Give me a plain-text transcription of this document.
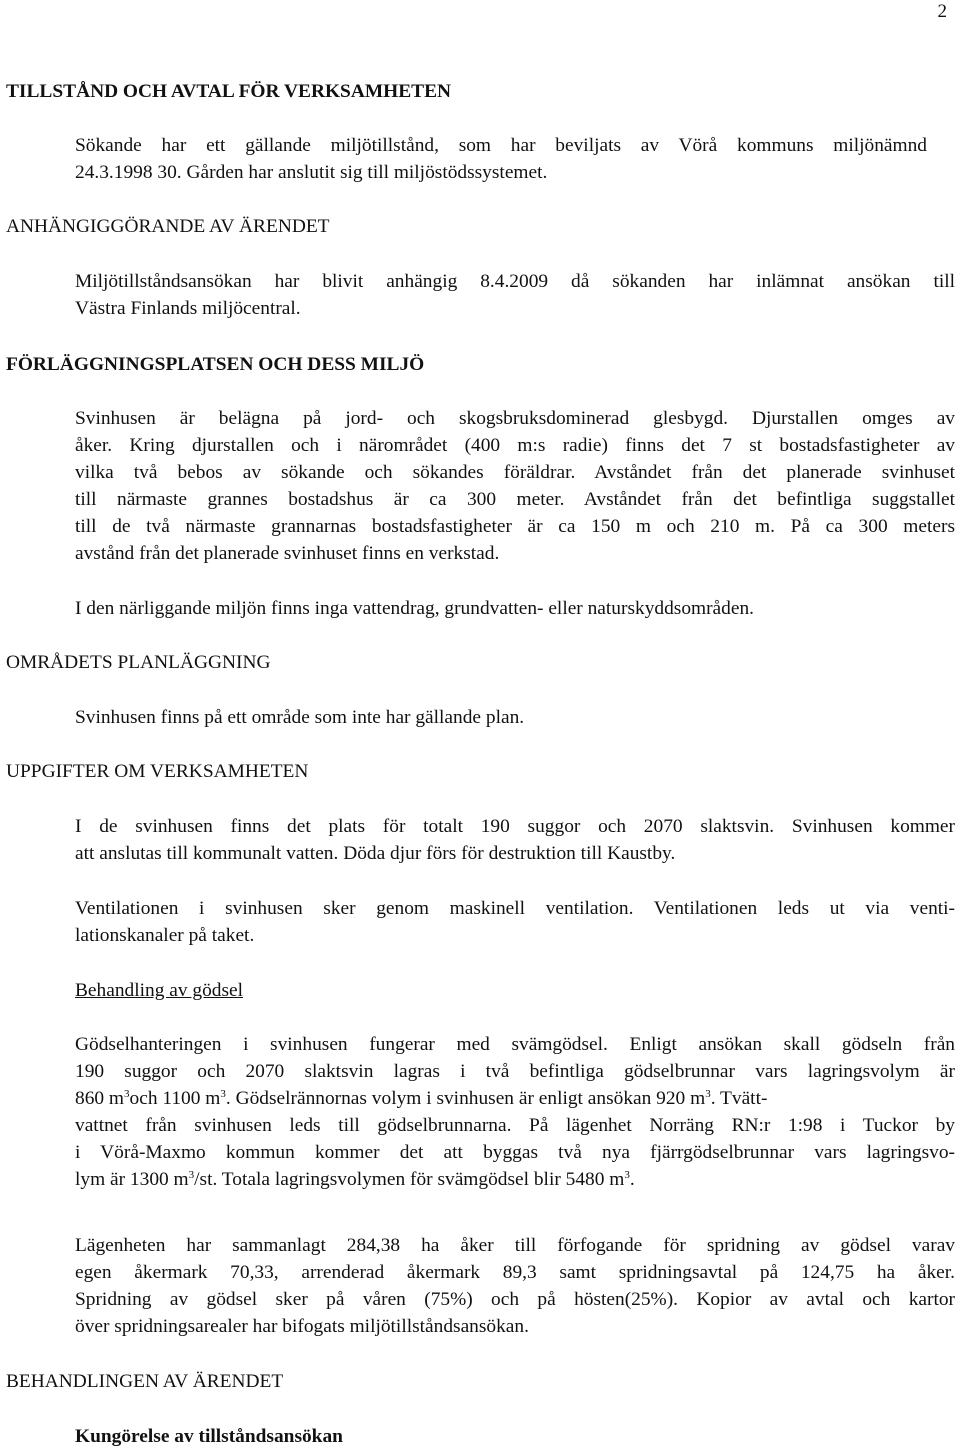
2
TILLSTÅND OCH AVTAL FÖR VERKSAMHETEN
Sökande har ett gällande miljötillstånd, som har beviljats av Vörå kommuns miljönämnd
24.3.1998 30. Gården har anslutit sig till miljöstödssystemet.
ANHÄNGIGGÖRANDE AV ÄRENDET
Miljötillståndsansökan har blivit anhängig 8.4.2009 då sökanden har inlämnat ansökan till
Västra Finlands miljöcentral.
FÖRLÄGGNINGSPLATSEN OCH DESS MILJÖ
Svinhusen är belägna på jord- och skogsbruksdominerad glesbygd. Djurstallen omges av
åker. Kring djurstallen och i närområdet (400 m:s radie) finns det 7 st bostadsfastigheter av
vilka två bebos av sökande och sökandes föräldrar. Avståndet från det planerade svinhuset
till närmaste grannes bostadshus är ca 300 meter. Avståndet från det befintliga suggstallet
till de två närmaste grannarnas bostadsfastigheter är ca 150 m och 210 m. På ca 300 meters
avstånd från det planerade svinhuset finns en verkstad.
I den närliggande miljön finns inga vattendrag, grundvatten- eller naturskyddsområden.
OMRÅDETS PLANLÄGGNING
Svinhusen finns på ett område som inte har gällande plan.
UPPGIFTER OM VERKSAMHETEN
I de svinhusen finns det plats för totalt 190 suggor och 2070 slaktsvin. Svinhusen kommer
att anslutas till kommunalt vatten. Döda djur förs för destruktion till Kaustby.
Ventilationen i svinhusen sker genom maskinell ventilation. Ventilationen leds ut via venti-
lationskanaler på taket.
Behandling av gödsel
Gödselhanteringen i svinhusen fungerar med svämgödsel. Enligt ansökan skall gödseln från
190 suggor och 2070 slaktsvin lagras i två befintliga gödselbrunnar vars lagringsvolym är
860 $m^3och$ 1100 $m^3$. Gödselrännornas volym i svinhusen är enligt ansökan 920 $m^3$. Tvätt-
vattnet från svinhusen leds till gödselbrunnarna. På lägenhet Norräng RN:r 1:98 i Tuckor by
i Vörå-Maxmo kommun kommer det att byggas två nya fjärrgödselbrunnar vars lagringsvo-
lym är 1300 $m^3/st$. Totala lagringsvolymen för svämgödsel blir 5480 $m^3$.
Lägenheten har sammanlagt 284,38 ha åker till förfogande för spridning av gödsel varav
egen åkermark 70,33, arrenderad åkermark 89,3 samt spridningsavtal på 124,75 ha åker.
Spridning av gödsel sker på våren (75%) och på hösten(25%). Kopior av avtal och kartor
över spridningsarealer har bifogats miljötillståndsansökan.
BEHANDLINGEN AV ÄRENDET
Kungörelse av tillståndsansökan
